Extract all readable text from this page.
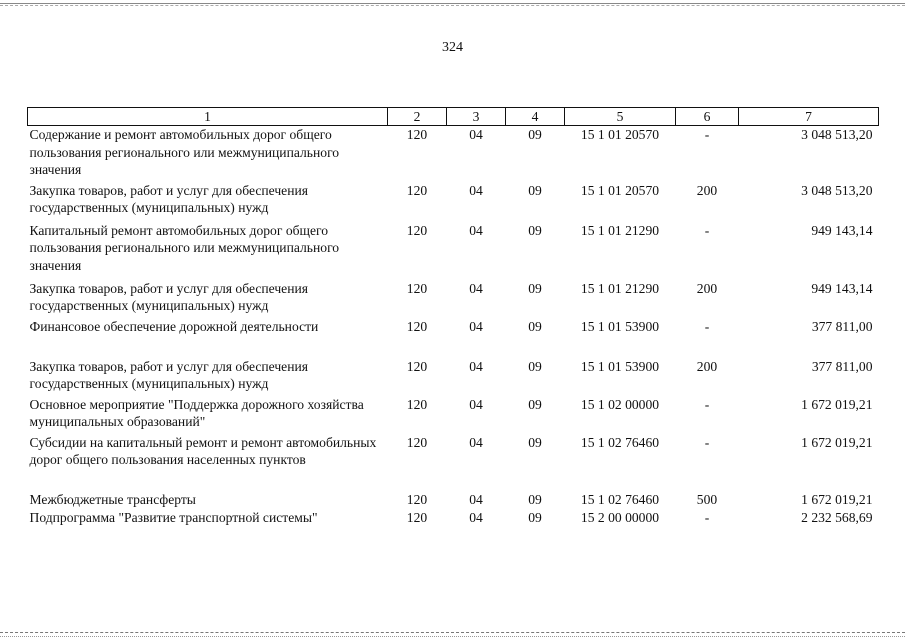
324
1	2	3	4	5	6	7
Содержание и ремонт автомобильных дорог общего пользования регионального или межмуниципального значения	120	04	09	15 1 01 20570	-	3 048 513,20
Закупка товаров, работ и услуг для обеспечения государственных (муниципальных) нужд	120	04	09	15 1 01 20570	200	3 048 513,20
Капитальный ремонт автомобильных дорог общего пользования регионального или межмуниципального значения	120	04	09	15 1 01 21290	-	949 143,14
Закупка товаров, работ и услуг для обеспечения государственных (муниципальных) нужд	120	04	09	15 1 01 21290	200	949 143,14
Финансовое обеспечение дорожной деятельности	120	04	09	15 1 01 53900	-	377 811,00
Закупка товаров, работ и услуг для обеспечения государственных (муниципальных) нужд	120	04	09	15 1 01 53900	200	377 811,00
Основное мероприятие "Поддержка дорожного хозяйства муниципальных образований"	120	04	09	15 1 02 00000	-	1 672 019,21
Субсидии на капитальный ремонт и ремонт автомобильных дорог общего пользования населенных пунктов	120	04	09	15 1 02 76460	-	1 672 019,21
Межбюджетные трансферты	120	04	09	15 1 02 76460	500	1 672 019,21
Подпрограмма "Развитие транспортной системы"	120	04	09	15 2 00 00000	-	2 232 568,69
